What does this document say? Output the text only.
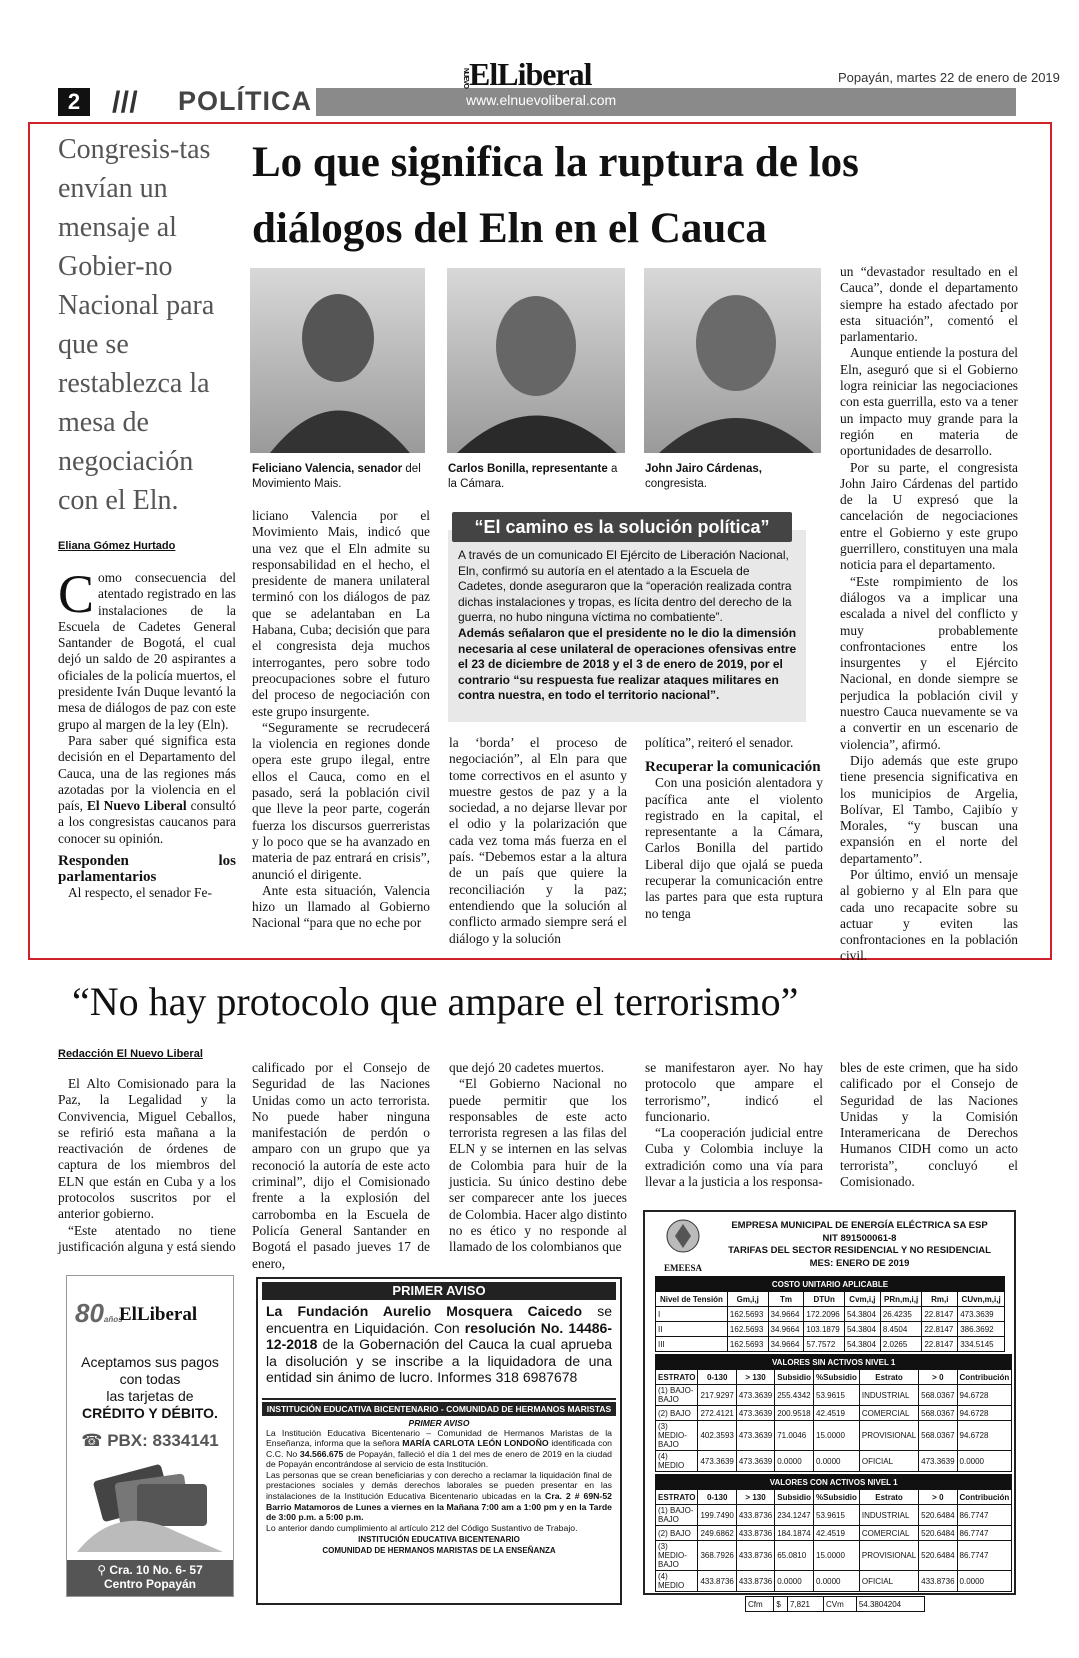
2	/ / / POLÍTICA	www.elnuevoliberal.com
NUEVOElLiberal	Popayán, martes 22 de enero de 2019
Congresis-tas envían un mensaje al Gobier-no Nacional para que se restablezca la mesa de negociación con el Eln.
Lo que significa la ruptura de los diálogos del Eln en el Cauca
Feliciano Valencia, senador del Movimiento Mais.
Carlos Bonilla, representante a la Cámara.
John Jairo Cárdenas, congresista.
Eliana Gómez Hurtado

Como consecuencia del atentado registrado en las instalaciones de la Escuela de Cadetes General Santander de Bogotá, el cual dejó un saldo de 20 aspirantes a oficiales de la policía muertos, el presidente Iván Duque levantó la mesa de diálogos de paz con este grupo al margen de la ley (Eln).

Para saber qué significa esta decisión en el Departamento del Cauca, una de las regiones más azotadas por la violencia en el país, El Nuevo Liberal consultó a los congresistas caucanos para conocer su opinión.

Responden los parlamentarios

Al respecto, el senador Fe-

liciano Valencia por el Movimiento Mais, indicó que una vez que el Eln admite su responsabilidad en el hecho, el presidente de manera unilateral terminó con los diálogos de paz que se adelantaban en La Habana, Cuba; decisión que para el congresista deja muchos interrogantes, pero sobre todo preocupaciones sobre el futuro del proceso de negociación con este grupo insurgente.

“Seguramente se recrudecerá la violencia en regiones donde opera este grupo ilegal, entre ellos el Cauca, como en el pasado, será la población civil que lleve la peor parte, cogerán fuerza los discursos guerreristas y lo poco que se ha avanzado en materia de paz entrará en crisis”, anunció el dirigente.

Ante esta situación, Valencia hizo un llamado al Gobierno Nacional “para que no eche por

“El camino es la solución política”

A través de un comunicado El Ejército de Liberación Nacional, Eln, confirmó su autoría en el atentado a la Escuela de Cadetes, donde aseguraron que la “operación realizada contra dichas instalaciones y tropas, es lícita dentro del derecho de la guerra, no hubo ninguna víctima no combatiente”.

Además señalaron que el presidente no le dio la dimensión necesaria al cese unilateral de operaciones ofensivas entre el 23 de diciembre de 2018 y el 3 de enero de 2019, por el contrario “su respuesta fue realizar ataques militares en contra nuestra, en todo el territorio nacional”.

la ‘borda’ el proceso de negociación”, al Eln para que tome correctivos en el asunto y muestre gestos de paz y a la sociedad, a no dejarse llevar por el odio y la polarización que cada vez toma más fuerza en el país. “Debemos estar a la altura de un país que quiere la reconciliación y la paz; entendiendo que la solución al conflicto armado siempre será el diálogo y la solución

política”, reiteró el senador.

Recuperar la comunicación

Con una posición alentadora y pacífica ante el violento registrado en la capital, el representante a la Cámara, Carlos Bonilla del partido Liberal dijo que ojalá se pueda recuperar la comunicación entre las partes para que esta ruptura no tenga

un “devastador resultado en el Cauca”, donde el departamento siempre ha estado afectado por esta situación”, comentó el parlamentario.

Aunque entiende la postura del Eln, aseguró que si el Gobierno logra reiniciar las negociaciones con esta guerrilla, esto va a tener un impacto muy grande para la región en materia de oportunidades de desarrollo.

Por su parte, el congresista John Jairo Cárdenas del partido de la U expresó que la cancelación de negociaciones entre el Gobierno y este grupo guerrillero, constituyen una mala noticia para el departamento.

“Este rompimiento de los diálogos va a implicar una escalada a nivel del conflicto y muy probablemente confrontaciones entre los insurgentes y el Ejército Nacional, en donde siempre se perjudica la población civil y nuestro Cauca nuevamente se va a convertir en un escenario de violencia”, afirmó.

Dijo además que este grupo tiene presencia significativa en los municipios de Argelia, Bolívar, El Tambo, Cajibío y Morales, “y buscan una expansión en el norte del departamento”.

Por último, envió un mensaje al gobierno y al Eln para que cada uno recapacite sobre su actuar y eviten las confrontaciones en la población civil.

“No hay protocolo que ampare el terrorismo”
Redacción El Nuevo Liberal

El Alto Comisionado para la Paz, la Legalidad y la Convivencia, Miguel Ceballos, se refirió esta mañana a la reactivación de órdenes de captura de los miembros del ELN que están en Cuba y a los protocolos suscritos por el anterior gobierno.

“Este atentado no tiene justificación alguna y está siendo

calificado por el Consejo de Seguridad de las Naciones Unidas como un acto terrorista. No puede haber ninguna manifestación de perdón o amparo con un grupo que ya reconoció la autoría de este acto criminal”, dijo el Comisionado frente a la explosión del carrobomba en la Escuela de Policía General Santander en Bogotá el pasado jueves 17 de enero,

que dejó 20 cadetes muertos.

“El Gobierno Nacional no puede permitir que los responsables de este acto terrorista regresen a las filas del ELN y se internen en las selvas de Colombia para huir de la justicia. Su único destino debe ser comparecer ante los jueces de Colombia. Hacer algo distinto no es ético y no responde al llamado de los colombianos que

se manifestaron ayer. No hay protocolo que ampare el terrorismo”, indicó el funcionario.

“La cooperación judicial entre Cuba y Colombia incluye la extradición como una vía para llevar a la justicia a los responsa-

bles de este crimen, que ha sido calificado por el Consejo de Seguridad de las Naciones Unidas y la Comisión Interamericana de Derechos Humanos CIDH como un acto terrorista”, concluyó el Comisionado.

80años
ElLiberal
Aceptamos sus pagos
con todas
las tarjetas de
CRÉDITO Y DÉBITO.
☎ PBX: 8334141
⚲ Cra. 10 No. 6- 57
Centro Popayán
PRIMER AVISO
La Fundación Aurelio Mosquera Caicedo se encuentra en Liquidación. Con resolución No. 14486-12-2018 de la Gobernación del Cauca la cual aprueba la disolución y se inscribe a la liquidadora de una entidad sin ánimo de lucro. Informes 318 6987678
INSTITUCIÓN EDUCATIVA BICENTENARIO - COMUNIDAD DE HERMANOS MARISTAS
PRIMER AVISO

La Institución Educativa Bicentenario – Comunidad de Hermanos Maristas de la Enseñanza, informa que la señora MARÍA CARLOTA LEÓN LONDOÑO identificada con C.C. No 34.566.675 de Popayán, falleció el día 1 del mes de enero de 2019 en la ciudad de Popayán encontrándose al servicio de esta Institución.

Las personas que se crean beneficiarias y con derecho a reclamar la liquidación final de prestaciones sociales y demás derechos laborales se pueden presentar en las instalaciones de la Institución Educativa Bicentenario ubicadas en la Cra. 2 # 69N-52 Barrio Matamoros de Lunes a viernes en la Mañana 7:00 am a 1:00 pm y en la Tarde de 3:00 p.m. a 5:00 p.m.

Lo anterior dando cumplimiento al artículo 212 del Código Sustantivo de Trabajo.

INSTITUCIÓN EDUCATIVA BICENTENARIO
COMUNIDAD DE HERMANOS MARISTAS DE LA ENSEÑANZA
EMEESA
EMPRESA MUNICIPAL DE ENERGÍA ELÉCTRICA SA ESP
NIT 891500061-8
TARIFAS DEL SECTOR RESIDENCIAL Y NO RESIDENCIAL
MES: ENERO DE 2019
COSTO UNITARIO APLICABLE							
Nivel de Tensión	Gm,i,j	Tm	DTUn	Cvm,i,j	PRn,m,i,j	Rm,i	CUvn,m,i,j
I	162.5693	34.9664	172.2096	54.3804	26.4235	22.8147	473.3639
II	162.5693	34.9664	103.1879	54.3804	8.4504	22.8147	386.3692
III	162.5693	34.9664	57.7572	54.3804	2.0265	22.8147	334.5145
VALORES SIN ACTIVOS NIVEL 1							
ESTRATO	0-130	> 130	Subsidio	%Subsidio	Estrato	> 0	Contribución
(1) BAJO-BAJO	217.9297	473.3639	255.4342	53.9615	INDUSTRIAL	568.0367	94.6728
(2) BAJO	272.4121	473.3639	200.9518	42.4519	COMERCIAL	568.0367	94.6728
(3) MEDIO-BAJO	402.3593	473.3639	71.0046	15.0000	PROVISIONAL	568.0367	94.6728
(4) MEDIO	473.3639	473.3639	0.0000	0.0000	OFICIAL	473.3639	0.0000
VALORES CON ACTIVOS NIVEL 1							
ESTRATO	0-130	> 130	Subsidio	%Subsidio	Estrato	> 0	Contribución
(1) BAJO-BAJO	199.7490	433.8736	234.1247	53.9615	INDUSTRIAL	520.6484	86.7747
(2) BAJO	249.6862	433.8736	184.1874	42.4519	COMERCIAL	520.6484	86.7747
(3) MEDIO-BAJO	368.7926	433.8736	65.0810	15.0000	PROVISIONAL	520.6484	86.7747
(4) MEDIO	433.8736	433.8736	0.0000	0.0000	OFICIAL	433.8736	0.0000
Cfm	$	7,821	CVm	54.3804204
